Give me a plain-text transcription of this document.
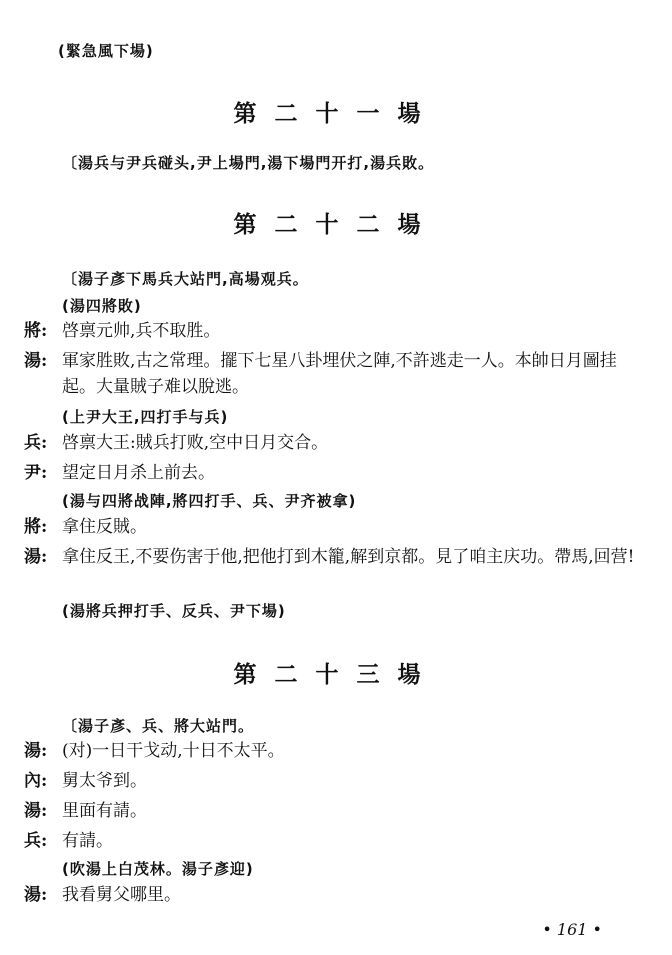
(緊急風下場)
第二十一場
〔湯兵与尹兵碰头,尹上場門,湯下場門开打,湯兵敗。
第二十二場
〔湯子彥下馬兵大站門,高場观兵。
(湯四將敗)
將: 啓禀元帅,兵不取胜。
湯: 軍家胜敗,古之常理。擺下七星八卦埋伏之陣,不許逃走一人。本帥日月圖挂起。大量賊子难以脫逃。
(上尹大王,四打手与兵)
兵: 啓禀大王:賊兵打败,空中日月交合。
尹: 望定日月杀上前去。
(湯与四將战陣,將四打手、兵、尹齐被拿)
將: 拿住反賊。
湯: 拿住反王,不要伤害于他,把他打到木籠,解到京都。見了咱主庆功。帶馬,回营!
(湯將兵押打手、反兵、尹下場)
第二十三場
〔湯子彥、兵、將大站門。
湯: (对)一日干戈动,十日不太平。
內: 舅太爷到。
湯: 里面有請。
兵: 有請。
(吹湯上白茂林。湯子彥迎)
湯: 我看舅父哪里。
• 161 •
